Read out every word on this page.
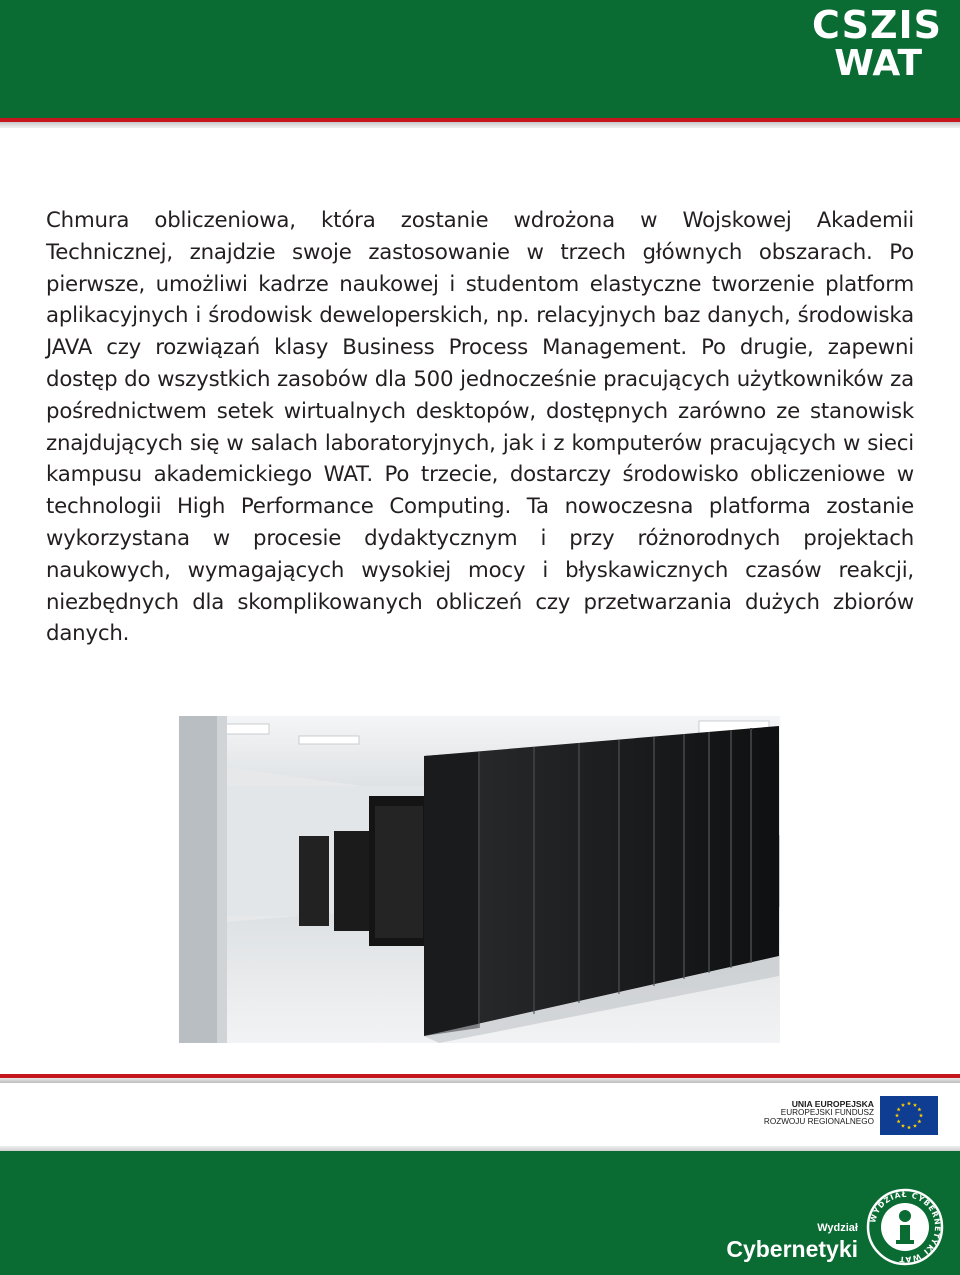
CSZIS
WAT

Chmura obliczeniowa, która zostanie wdrożona w Wojskowej Akademii Technicznej, znajdzie swoje zastosowanie w trzech głównych obszarach. Po pierwsze, umożliwi kadrze naukowej i studentom elastyczne tworzenie platform aplikacyjnych i środowisk deweloperskich, np. relacyjnych baz danych, środowiska JAVA czy rozwiązań klasy Business Process Management. Po drugie, zapewni dostęp do wszystkich zasobów dla 500 jednocześnie pracujących użytkowników za pośrednictwem setek wirtualnych desktopów, dostępnych zarówno ze stanowisk znajdujących się w salach laboratoryjnych, jak i z komputerów pracujących w sieci kampusu akademickiego WAT. Po trzecie, dostarczy środowisko obliczeniowe w technologii High Performance Computing. Ta nowoczesna platforma zostanie wykorzystana w procesie dydaktycznym i przy różnorodnych projektach naukowych, wymagających wysokiej mocy i błyskawicznych czasów reakcji, niezbędnych dla skomplikowanych obliczeń czy przetwarzania dużych zbiorów danych.

UNIA EUROPEJSKA
EUROPEJSKI FUNDUSZ
ROZWOJU REGIONALNEGO
Wydział
Cybernetyki
WYDZIAŁ CYBERNETYKI WAT
